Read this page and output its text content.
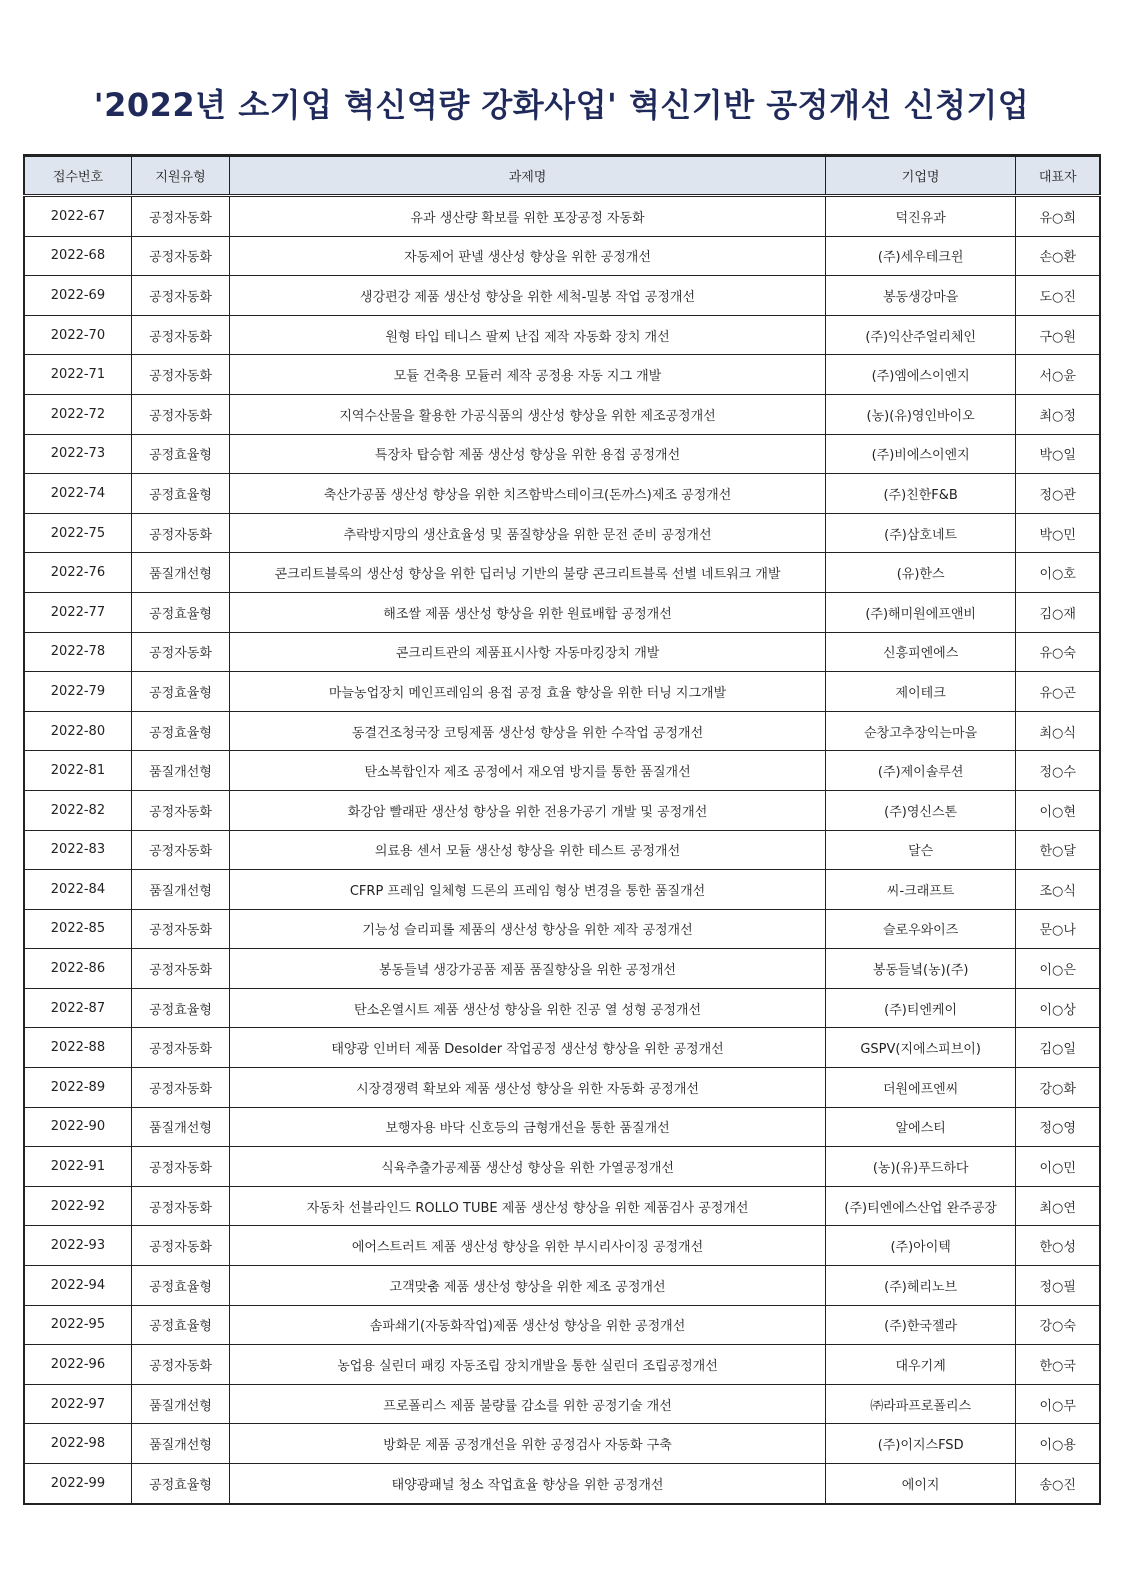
'2022년 소기업 혁신역량 강화사업' 혁신기반 공정개선 신청기업
접수번호	지원유형	과제명	기업명	대표자
2022-67	공정자동화	유과 생산량 확보를 위한 포장공정 자동화	덕진유과	유○희
2022-68	공정자동화	자동제어 판넬 생산성 향상을 위한 공정개선	(주)세우테크윈	손○환
2022-69	공정자동화	생강편강 제품 생산성 향상을 위한 세척-밀봉 작업 공정개선	봉동생강마을	도○진
2022-70	공정자동화	원형 타입 테니스 팔찌 난집 제작 자동화 장치 개선	(주)익산주얼리체인	구○원
2022-71	공정자동화	모듈 건축용 모듈러 제작 공정용 자동 지그 개발	(주)엠에스이엔지	서○윤
2022-72	공정자동화	지역수산물을 활용한 가공식품의 생산성 향상을 위한 제조공정개선	(농)(유)영인바이오	최○정
2022-73	공정효율형	특장차 탑승함 제품 생산성 향상을 위한 용접 공정개선	(주)비에스이엔지	박○일
2022-74	공정효율형	축산가공품 생산성 향상을 위한 치즈함박스테이크(돈까스)제조 공정개선	(주)친한F&B	정○관
2022-75	공정자동화	추락방지망의 생산효율성 및 품질향상을 위한 문전 준비 공정개선	(주)삼호네트	박○민
2022-76	품질개선형	콘크리트블록의 생산성 향상을 위한 딥러닝 기반의 불량 콘크리트블록 선별 네트워크 개발	(유)한스	이○호
2022-77	공정효율형	해조쌀 제품 생산성 향상을 위한 원료배합 공정개선	(주)해미원에프앤비	김○재
2022-78	공정자동화	콘크리트관의 제품표시사항 자동마킹장치 개발	신흥피엔에스	유○숙
2022-79	공정효율형	마늘농업장치 메인프레임의 용접 공정 효율 향상을 위한 터닝 지그개발	제이테크	유○곤
2022-80	공정효율형	동결건조청국장 코팅제품 생산성 향상을 위한 수작업 공정개선	순창고추장익는마을	최○식
2022-81	품질개선형	탄소복합인자 제조 공정에서 재오염 방지를 통한 품질개선	(주)제이솔루션	정○수
2022-82	공정자동화	화강암 빨래판 생산성 향상을 위한 전용가공기 개발 및 공정개선	(주)영신스톤	이○현
2022-83	공정자동화	의료용 센서 모듈 생산성 향상을 위한 테스트 공정개선	달슨	한○달
2022-84	품질개선형	CFRP 프레임 일체형 드론의 프레임 형상 변경을 통한 품질개선	씨-크래프트	조○식
2022-85	공정자동화	기능성 슬리피롤 제품의 생산성 향상을 위한 제작 공정개선	슬로우와이즈	문○나
2022-86	공정자동화	봉동들녘 생강가공품 제품 품질향상을 위한 공정개선	봉동들녘(농)(주)	이○은
2022-87	공정효율형	탄소온열시트 제품 생산성 향상을 위한 진공 열 성형 공정개선	(주)티엔케이	이○상
2022-88	공정자동화	태양광 인버터 제품 Desolder 작업공정 생산성 향상을 위한 공정개선	GSPV(지에스피브이)	김○일
2022-89	공정자동화	시장경쟁력 확보와 제품 생산성 향상을 위한 자동화 공정개선	더원에프엔씨	강○화
2022-90	품질개선형	보행자용 바닥 신호등의 금형개선을 통한 품질개선	알에스티	정○영
2022-91	공정자동화	식육추출가공제품 생산성 향상을 위한 가열공정개선	(농)(유)푸드하다	이○민
2022-92	공정자동화	자동차 선블라인드 ROLLO TUBE 제품 생산성 향상을 위한 제품검사 공정개선	(주)티엔에스산업 완주공장	최○연
2022-93	공정자동화	에어스트러트 제품 생산성 향상을 위한 부시리사이징 공정개선	(주)아이텍	한○성
2022-94	공정효율형	고객맞춤 제품 생산성 향상을 위한 제조 공정개선	(주)헤리노브	정○필
2022-95	공정효율형	솜파쇄기(자동화작업)제품 생산성 향상을 위한 공정개선	(주)한국젤라	강○숙
2022-96	공정자동화	농업용 실린더 패킹 자동조립 장치개발을 통한 실린더 조립공정개선	대우기계	한○국
2022-97	품질개선형	프로폴리스 제품 불량률 감소를 위한 공정기술 개선	㈜라파프로폴리스	이○무
2022-98	품질개선형	방화문 제품 공정개선을 위한 공정검사 자동화 구축	(주)이지스FSD	이○용
2022-99	공정효율형	태양광패널 청소 작업효율 향상을 위한 공정개선	에이지	송○진
